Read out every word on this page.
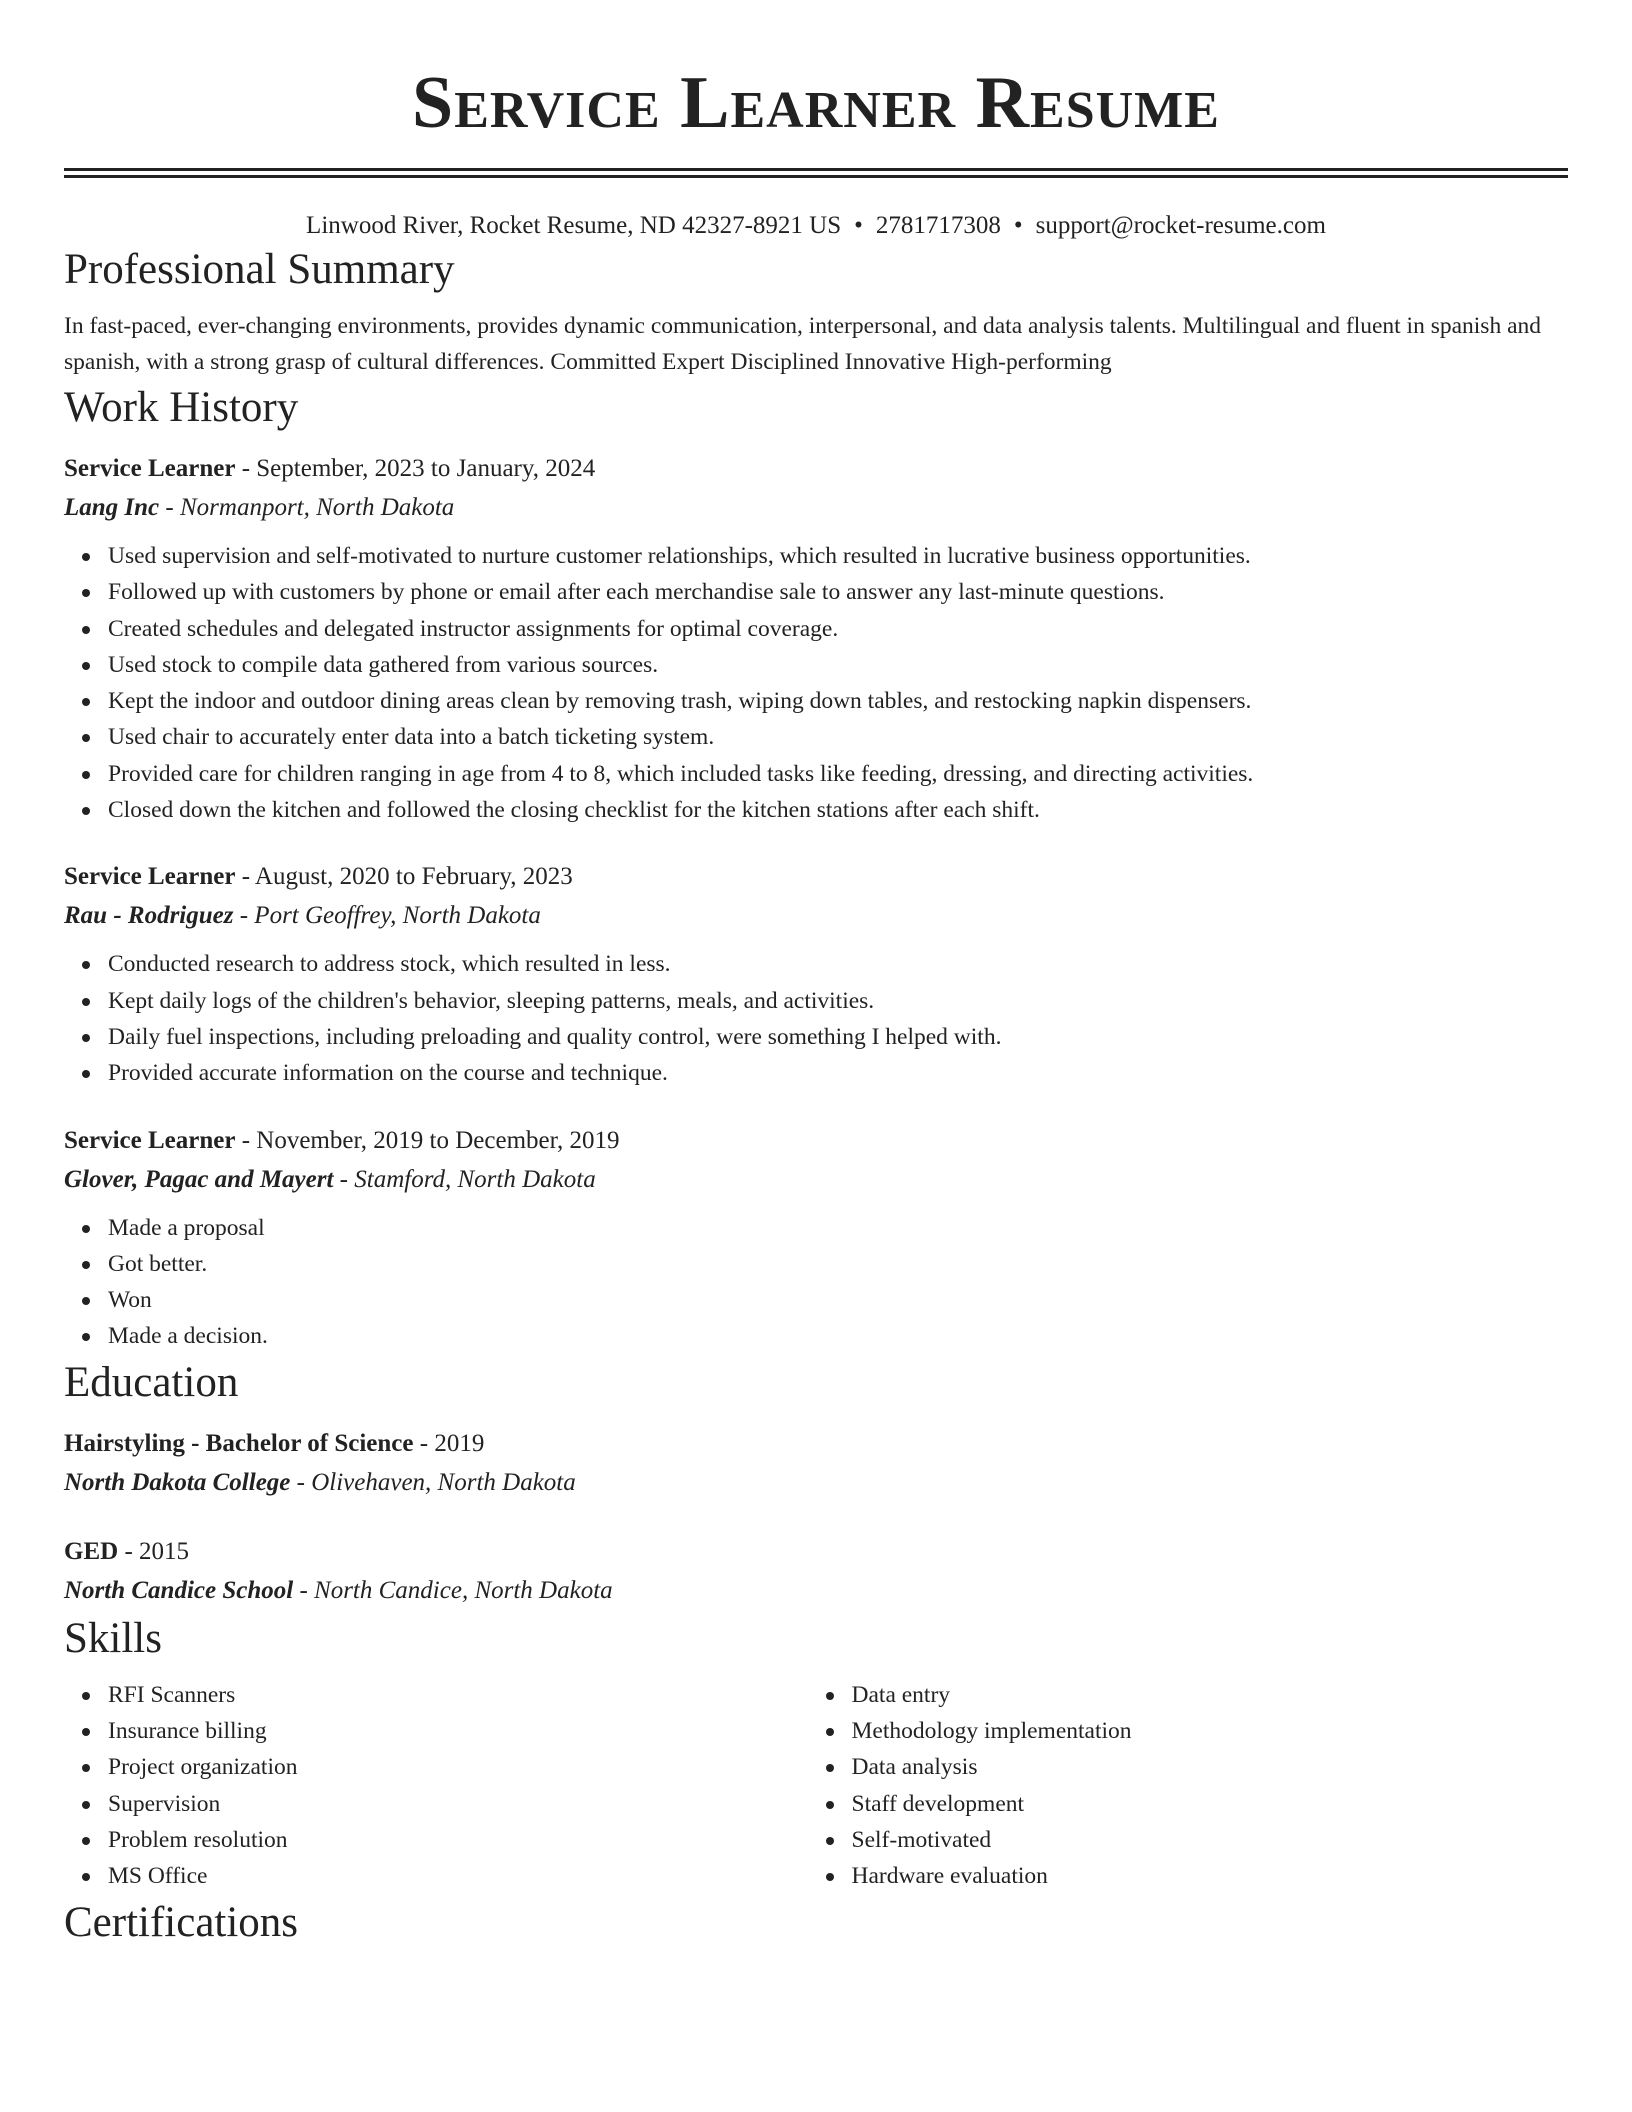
Service Learner Resume
Linwood River, Rocket Resume, ND 42327-8921 US • 2781717308 • support@rocket-resume.com
Professional Summary
In fast-paced, ever-changing environments, provides dynamic communication, interpersonal, and data analysis talents. Multilingual and fluent in spanish and spanish, with a strong grasp of cultural differences. Committed Expert Disciplined Innovative High-performing
Work History
Service Learner - September, 2023 to January, 2024
Lang Inc - Normanport, North Dakota
Used supervision and self-motivated to nurture customer relationships, which resulted in lucrative business opportunities.
Followed up with customers by phone or email after each merchandise sale to answer any last-minute questions.
Created schedules and delegated instructor assignments for optimal coverage.
Used stock to compile data gathered from various sources.
Kept the indoor and outdoor dining areas clean by removing trash, wiping down tables, and restocking napkin dispensers.
Used chair to accurately enter data into a batch ticketing system.
Provided care for children ranging in age from 4 to 8, which included tasks like feeding, dressing, and directing activities.
Closed down the kitchen and followed the closing checklist for the kitchen stations after each shift.
Service Learner - August, 2020 to February, 2023
Rau - Rodriguez - Port Geoffrey, North Dakota
Conducted research to address stock, which resulted in less.
Kept daily logs of the children's behavior, sleeping patterns, meals, and activities.
Daily fuel inspections, including preloading and quality control, were something I helped with.
Provided accurate information on the course and technique.
Service Learner - November, 2019 to December, 2019
Glover, Pagac and Mayert - Stamford, North Dakota
Made a proposal
Got better.
Won
Made a decision.
Education
Hairstyling - Bachelor of Science - 2019
North Dakota College - Olivehaven, North Dakota
GED - 2015
North Candice School - North Candice, North Dakota
Skills
RFI Scanners
Insurance billing
Project organization
Supervision
Problem resolution
MS Office
Data entry
Methodology implementation
Data analysis
Staff development
Self-motivated
Hardware evaluation
Certifications
